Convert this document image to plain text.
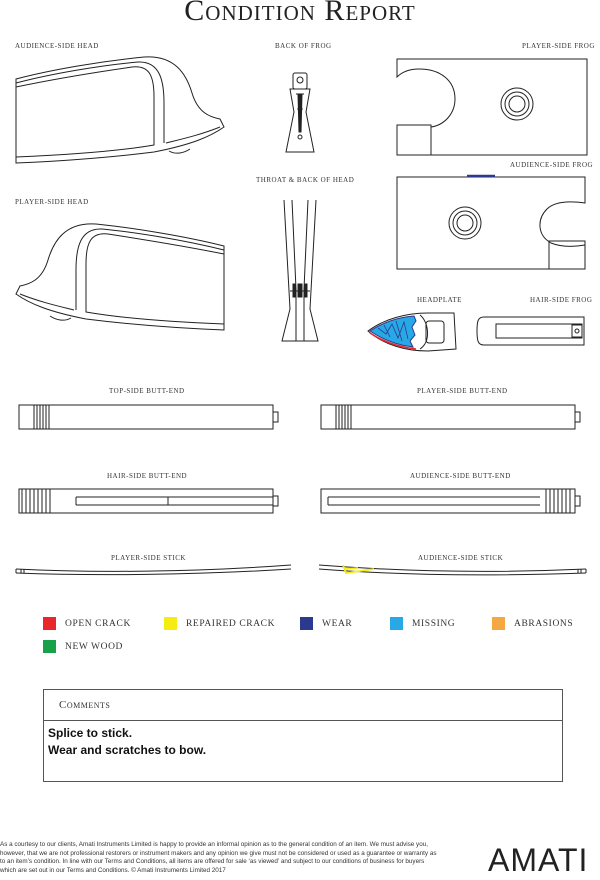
Condition Report
AUDIENCE-SIDE HEAD	BACK OF FROG	PLAYER-SIDE FROG
AUDIENCE-SIDE FROG
THROAT & BACK OF HEAD
PLAYER-SIDE HEAD
HEADPLATE	HAIR-SIDE FROG
TOP-SIDE BUTT-END	PLAYER-SIDE BUTT-END
HAIR-SIDE BUTT-END	AUDIENCE-SIDE BUTT-END
PLAYER-SIDE STICK	AUDIENCE-SIDE STICK
OPEN CRACK	REPAIRED CRACK	WEAR	MISSING	ABRASIONS
NEW WOOD
Comments
Splice to stick.
Wear and scratches to bow.
As a courtesy to our clients, Amati Instruments Limited is happy to provide an informal opinion as to the general condition of an item. We must advise you, however, that we are not professional restorers or instrument makers and any opinion we give must not be considered or used as a guarantee or warranty as to an item’s condition. In line with our Terms and Conditions, all items are offered for sale ‘as viewed’ and subject to our conditions of business for buyers which are set out in our Terms and Conditions. © Amati Instruments Limited 2017	AMATI
